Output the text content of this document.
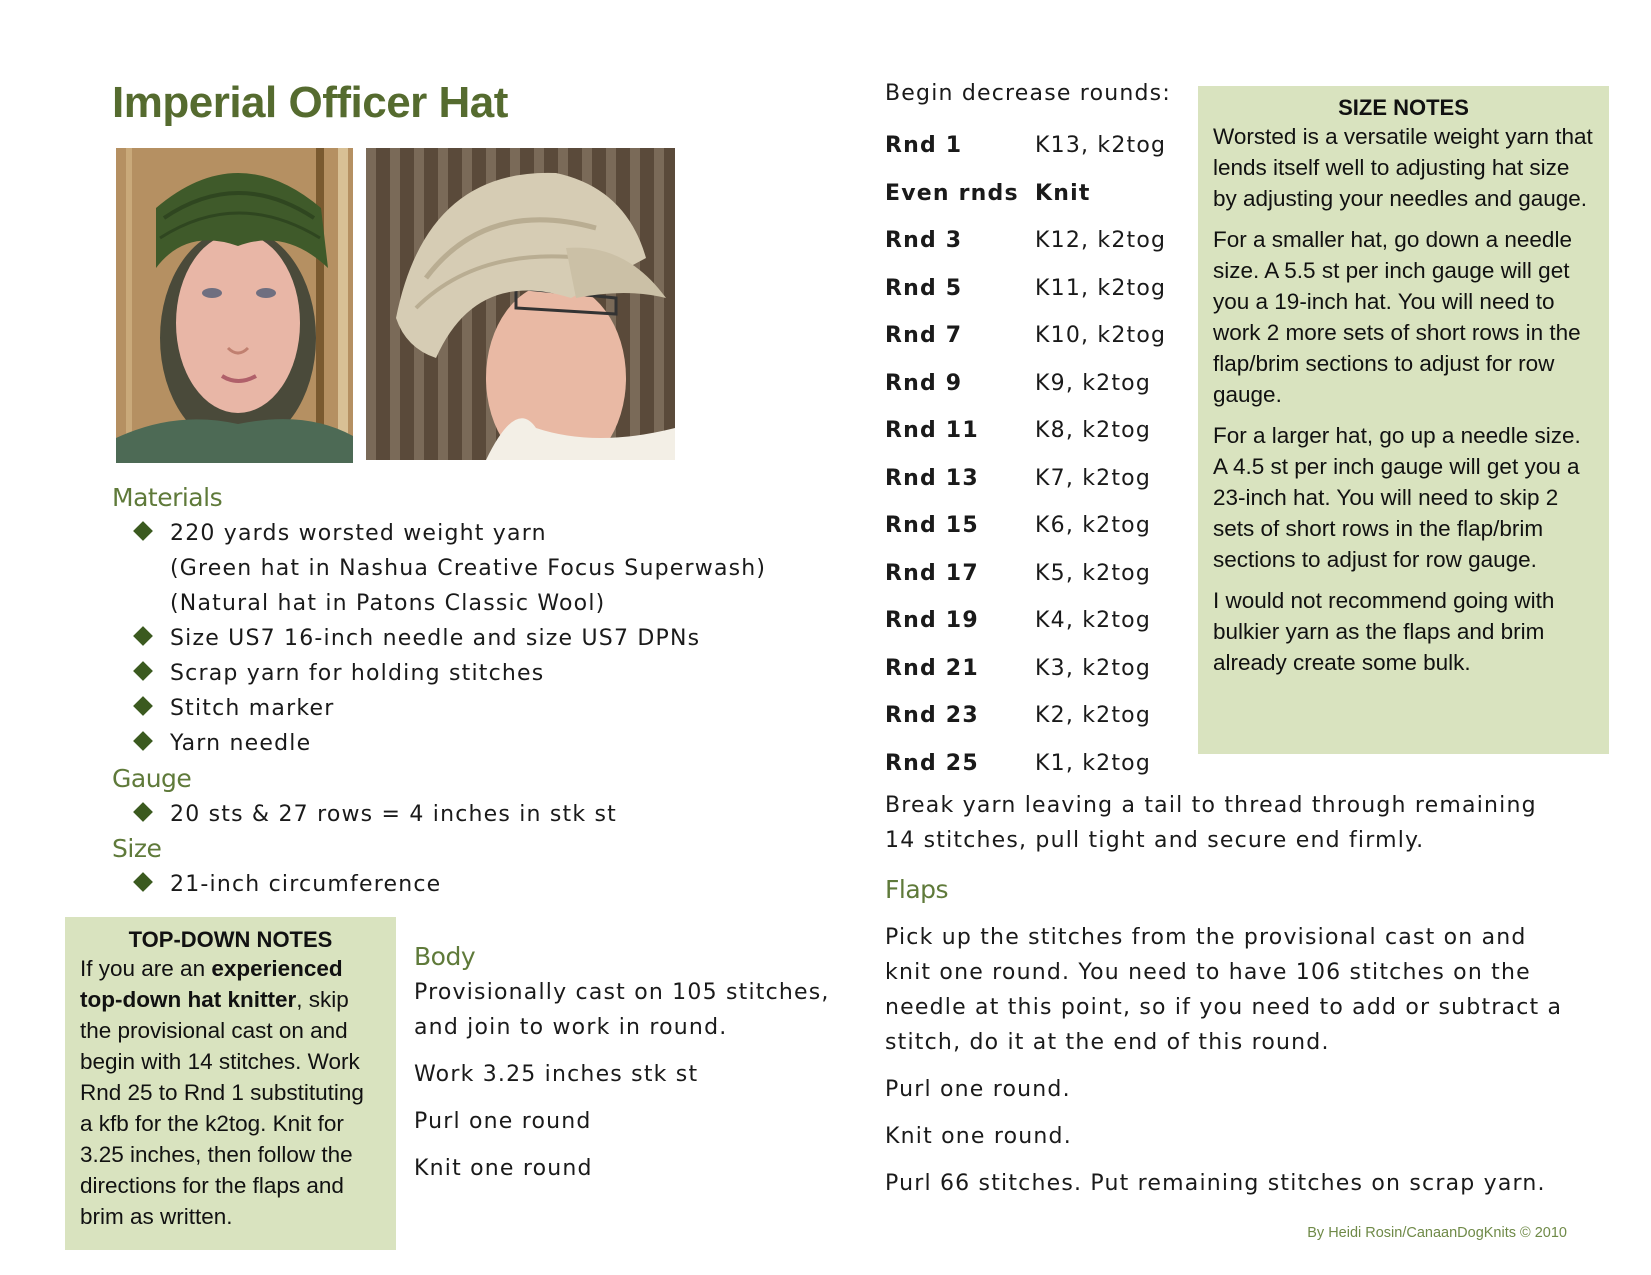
Imperial Officer Hat
Materials
220 yards worsted weight yarn
(Green hat in Nashua Creative Focus Superwash)
(Natural hat in Patons Classic Wool)
Size US7 16-inch needle and size US7 DPNs
Scrap yarn for holding stitches
Stitch marker
Yarn needle
Gauge
20 sts & 27 rows = 4 inches in stk st
Size
21-inch circumference
TOP-DOWN NOTES
If you are an experienced top-down hat knitter, skip the provisional cast on and begin with 14 stitches. Work Rnd 25 to Rnd 1 substituting a kfb for the k2tog. Knit for 3.25 inches, then follow the directions for the flaps and brim as written.
Body

Provisionally cast on 105 stitches, and join to work in round.

Work 3.25 inches stk st

Purl one round

Knit one round

Begin decrease rounds:
Rnd 1	K13, k2tog
Even rnds	Knit
Rnd 3	K12, k2tog
Rnd 5	K11, k2tog
Rnd 7	K10, k2tog
Rnd 9	K9, k2tog
Rnd 11	K8, k2tog
Rnd 13	K7, k2tog
Rnd 15	K6, k2tog
Rnd 17	K5, k2tog
Rnd 19	K4, k2tog
Rnd 21	K3, k2tog
Rnd 23	K2, k2tog
Rnd 25	K1, k2tog
Break yarn leaving a tail to thread through remaining 14 stitches, pull tight and secure end firmly.
SIZE NOTES

Worsted is a versatile weight yarn that lends itself well to adjusting hat size by adjusting your needles and gauge.

For a smaller hat, go down a needle size. A 5.5 st per inch gauge will get you a 19-inch hat. You will need to work 2 more sets of short rows in the flap/brim sections to adjust for row gauge.

For a larger hat, go up a needle size. A 4.5 st per inch gauge will get you a 23-inch hat. You will need to skip 2 sets of short rows in the flap/brim sections to adjust for row gauge.

I would not recommend going with bulkier yarn as the flaps and brim already create some bulk.

Flaps

Pick up the stitches from the provisional cast on and knit one round. You need to have 106 stitches on the needle at this point, so if you need to add or subtract a stitch, do it at the end of this round.

Purl one round.

Knit one round.

Purl 66 stitches. Put remaining stitches on scrap yarn.

By Heidi Rosin/CanaanDogKnits © 2010
